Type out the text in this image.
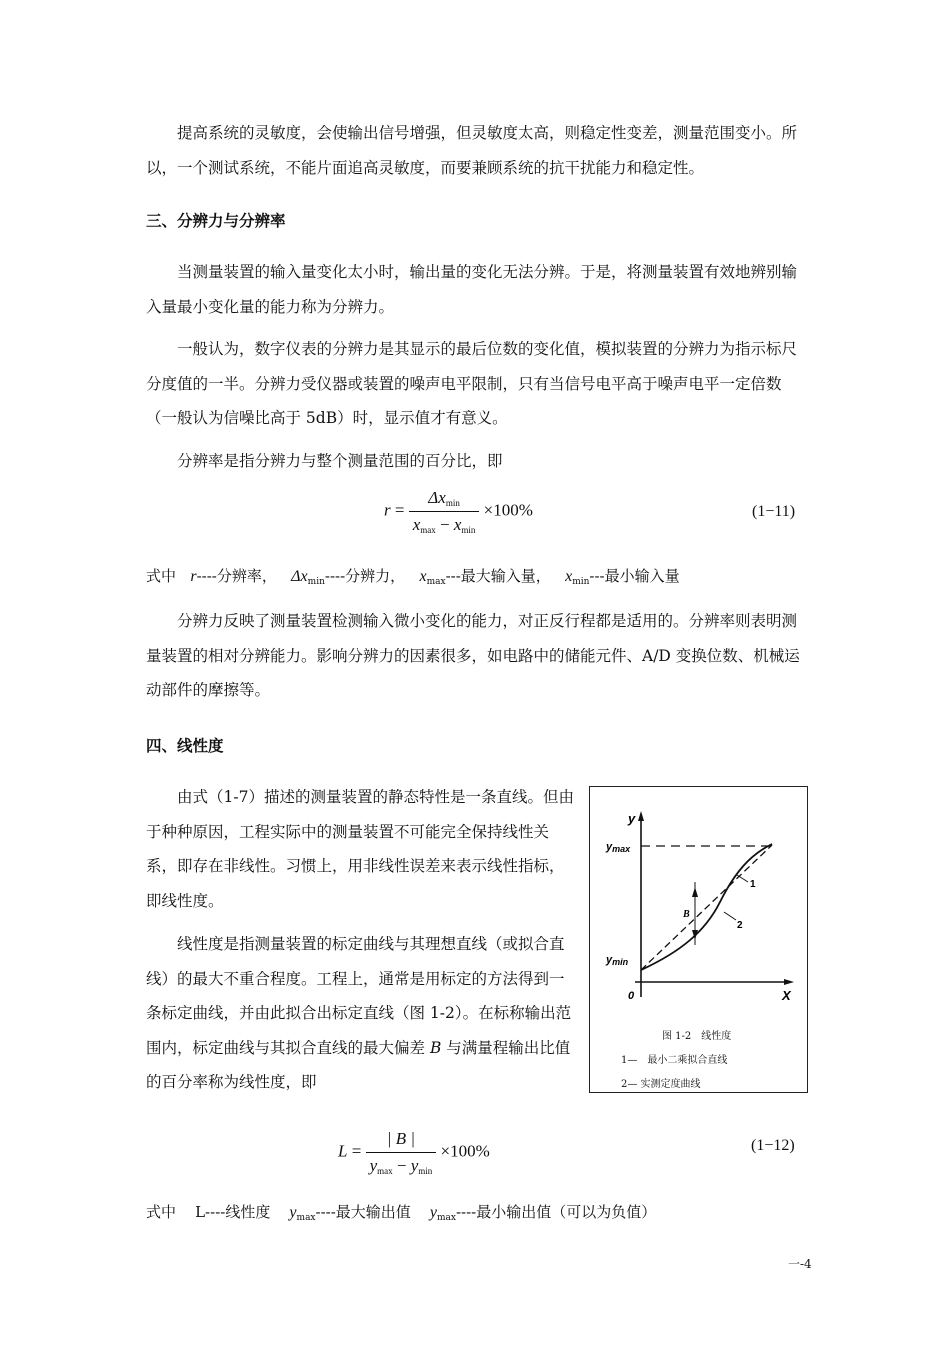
提高系统的灵敏度，会使输出信号增强，但灵敏度太高，则稳定性变差，测量范围变小。所以，一个测试系统，不能片面追高灵敏度，而要兼顾系统的抗干扰能力和稳定性。

三、分辨力与分辨率

当测量装置的输入量变化太小时，输出量的变化无法分辨。于是，将测量装置有效地辨别输入量最小变化量的能力称为分辨力。

一般认为，数字仪表的分辨力是其显示的最后位数的变化值，模拟装置的分辨力为指示标尺分度值的一半。分辨力受仪器或装置的噪声电平限制，只有当信号电平高于噪声电平一定倍数（一般认为信噪比高于 5dB）时，显示值才有意义。

分辨率是指分辨力与整个测量范围的百分比，即

$r = \frac{\Delta x_{min}}{x_{max} - x_{min}} \times 100\%$	(1−11)
式中 r----分辨率， $\Delta x_{min}----$分辨力， $x_{max}---$最大输入量， $x_{min}---$最小输入量

分辨力反映了测量装置检测输入微小变化的能力，对正反行程都是适用的。分辨率则表明测量装置的相对分辨能力。影响分辨力的因素很多，如电路中的储能元件、A/D 变换位数、机械运动部件的摩擦等。

四、线性度

由式（1-7）描述的测量装置的静态特性是一条直线。但由于种种原因，工程实际中的测量装置不可能完全保持线性关系，即存在非线性。习惯上，用非线性误差来表示线性指标，即线性度。

线性度是指测量装置的标定曲线与其理想直线（或拟合直线）的最大不重合程度。工程上，通常是用标定的方法得到一条标定曲线，并由此拟合出标定直线（图 1-2）。在标称输出范围内，标定曲线与其拟合直线的最大偏差 B 与满量程输出比值的百分率称为线性度，即

y
X
ymax
ymin
0
B
1
2
图 1-2　线性度
1—　最小二乘拟合直线
2— 实测定度曲线
$L = \frac{| B |}{y_{max} - y_{min}} \times 100\%$	(1−12)
式中 L----线性度 $y_{max}----$最大输出值 $y_{max}----$最小输出值（可以为负值）
一-4
